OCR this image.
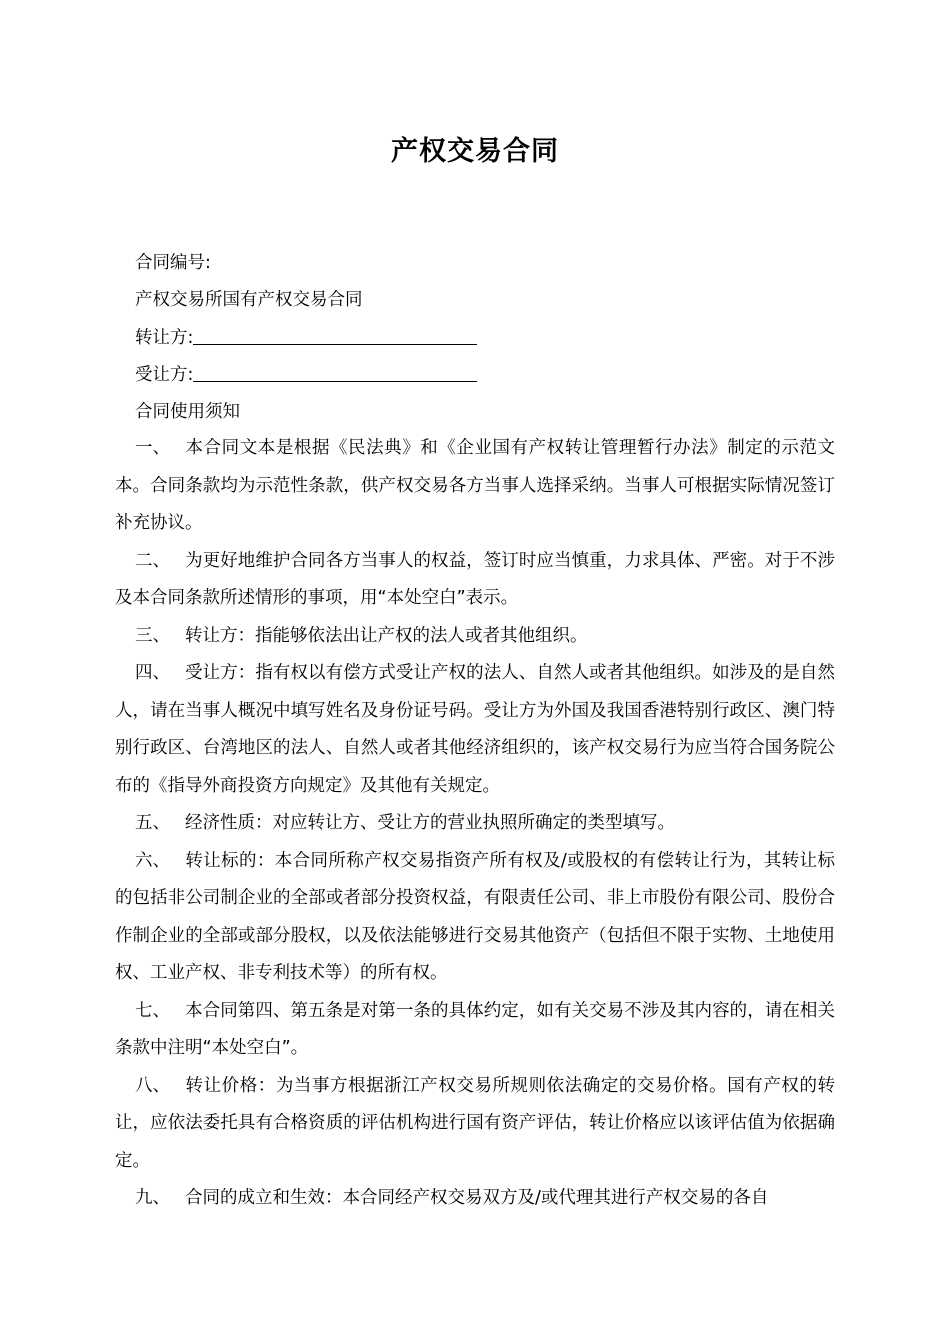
产权交易合同
合同编号:
产权交易所国有产权交易合同
转让方:
受让方:
合同使用须知

一、 本合同文本是根据《民法典》和《企业国有产权转让管理暂行办法》制定的示范文本。合同条款均为示范性条款，供产权交易各方当事人选择采纳。当事人可根据实际情况签订补充协议。

二、 为更好地维护合同各方当事人的权益，签订时应当慎重，力求具体、严密。对于不涉及本合同条款所述情形的事项，用“本处空白”表示。

三、 转让方：指能够依法出让产权的法人或者其他组织。

四、 受让方：指有权以有偿方式受让产权的法人、自然人或者其他组织。如涉及的是自然人，请在当事人概况中填写姓名及身份证号码。受让方为外国及我国香港特别行政区、澳门特别行政区、台湾地区的法人、自然人或者其他经济组织的，该产权交易行为应当符合国务院公布的《指导外商投资方向规定》及其他有关规定。

五、 经济性质：对应转让方、受让方的营业执照所确定的类型填写。

六、 转让标的：本合同所称产权交易指资产所有权及/或股权的有偿转让行为，其转让标的包括非公司制企业的全部或者部分投资权益，有限责任公司、非上市股份有限公司、股份合作制企业的全部或部分股权，以及依法能够进行交易其他资产（包括但不限于实物、土地使用权、工业产权、非专利技术等）的所有权。

七、 本合同第四、第五条是对第一条的具体约定，如有关交易不涉及其内容的，请在相关条款中注明“本处空白”。

八、 转让价格：为当事方根据浙江产权交易所规则依法确定的交易价格。国有产权的转让，应依法委托具有合格资质的评估机构进行国有资产评估，转让价格应以该评估值为依据确定。

九、 合同的成立和生效：本合同经产权交易双方及/或代理其进行产权交易的各自
